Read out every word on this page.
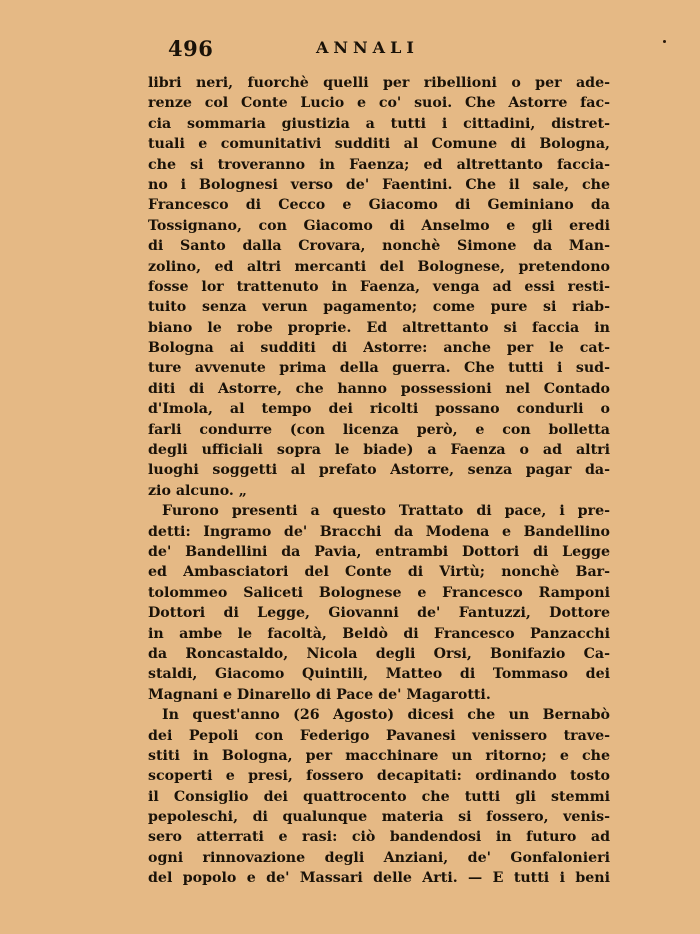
496	ANNALI
libri neri, fuorchè quelli per ribellioni o per ade-
renze col Conte Lucio e co' suoi. Che Astorre fac-
cia sommaria giustizia a tutti i cittadini, distret-
tuali e comunitativi sudditi al Comune di Bologna,
che si troveranno in Faenza; ed altrettanto faccia-
no i Bolognesi verso de' Faentini. Che il sale, che
Francesco di Cecco e Giacomo di Geminiano da
Tossignano, con Giacomo di Anselmo e gli eredi
di Santo dalla Crovara, nonchè Simone da Man-
zolino, ed altri mercanti del Bolognese, pretendono
fosse lor trattenuto in Faenza, venga ad essi resti-
tuito senza verun pagamento; come pure si riab-
biano le robe proprie. Ed altrettanto si faccia in
Bologna ai sudditi di Astorre: anche per le cat-
ture avvenute prima della guerra. Che tutti i sud-
diti di Astorre, che hanno possessioni nel Contado
d'Imola, al tempo dei ricolti possano condurli o
farli condurre (con licenza però, e con bolletta
degli ufficiali sopra le biade) a Faenza o ad altri
luoghi soggetti al prefato Astorre, senza pagar da-
zio alcuno. „
Furono presenti a questo Trattato di pace, i pre-
detti: Ingramo de' Bracchi da Modena e Bandellino
de' Bandellini da Pavia, entrambi Dottori di Legge
ed Ambasciatori del Conte di Virtù; nonchè Bar-
tolommeo Saliceti Bolognese e Francesco Ramponi
Dottori di Legge, Giovanni de' Fantuzzi, Dottore
in ambe le facoltà, Beldò di Francesco Panzacchi
da Roncastaldo, Nicola degli Orsi, Bonifazio Ca-
staldi, Giacomo Quintili, Matteo di Tommaso dei
Magnani e Dinarello di Pace de' Magarotti.
In quest'anno (26 Agosto) dicesi che un Bernabò
dei Pepoli con Federigo Pavanesi venissero trave-
stiti in Bologna, per macchinare un ritorno; e che
scoperti e presi, fossero decapitati: ordinando tosto
il Consiglio dei quattrocento che tutti gli stemmi
pepoleschi, di qualunque materia si fossero, venis-
sero atterrati e rasi: ciò bandendosi in futuro ad
ogni rinnovazione degli Anziani, de' Gonfalonieri
del popolo e de' Massari delle Arti. — E tutti i beni
